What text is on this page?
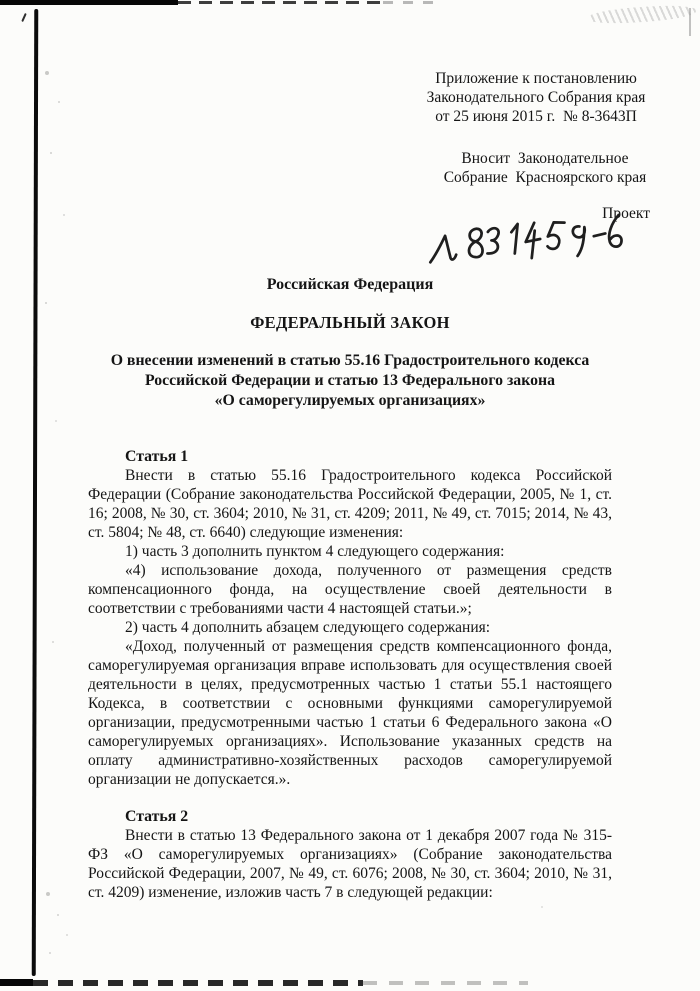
Приложение к постановлению
Законодательного Собрания края
от 25 июня 2015 г.  № 8-3643П
Вносит  Законодательное
Собрание  Красноярского края
Проект
Российская Федерация
ФЕДЕРАЛЬНЫЙ ЗАКОН
О внесении изменений в статью 55.16 Градостроительного кодекса
Российской Федерации и статью 13 Федерального закона
«О саморегулируемых организациях»
Статья 1

Внести в статью 55.16 Градостроительного кодекса Российской Федерации (Собрание законодательства Российской Федерации, 2005, № 1, ст. 16; 2008, № 30, ст. 3604; 2010, № 31, ст. 4209; 2011, № 49, ст. 7015; 2014, № 43, ст. 5804; № 48, ст. 6640) следующие изменения:

1) часть 3 дополнить пунктом 4 следующего содержания:

«4) использование дохода, полученного от размещения средств компенсационного фонда, на осуществление своей деятельности в соответствии с требованиями части 4 настоящей статьи.»;

2) часть 4 дополнить абзацем следующего содержания:

«Доход, полученный от размещения средств компенсационного фонда, саморегулируемая организация вправе использовать для осуществления своей деятельности в целях, предусмотренных частью 1 статьи 55.1 настоящего Кодекса, в соответствии с основными функциями саморегулируемой организации, предусмотренными частью 1 статьи 6 Федерального закона «О саморегулируемых организациях». Использование указанных средств на оплату административно-хозяйственных расходов саморегулируемой организации не допускается.».

Статья 2

Внести в статью 13 Федерального закона от 1 декабря 2007 года № 315-ФЗ «О саморегулируемых организациях» (Собрание законодательства Российской Федерации, 2007, № 49, ст. 6076; 2008, № 30, ст. 3604; 2010, № 31, ст. 4209) изменение, изложив часть 7 в следующей редакции:
